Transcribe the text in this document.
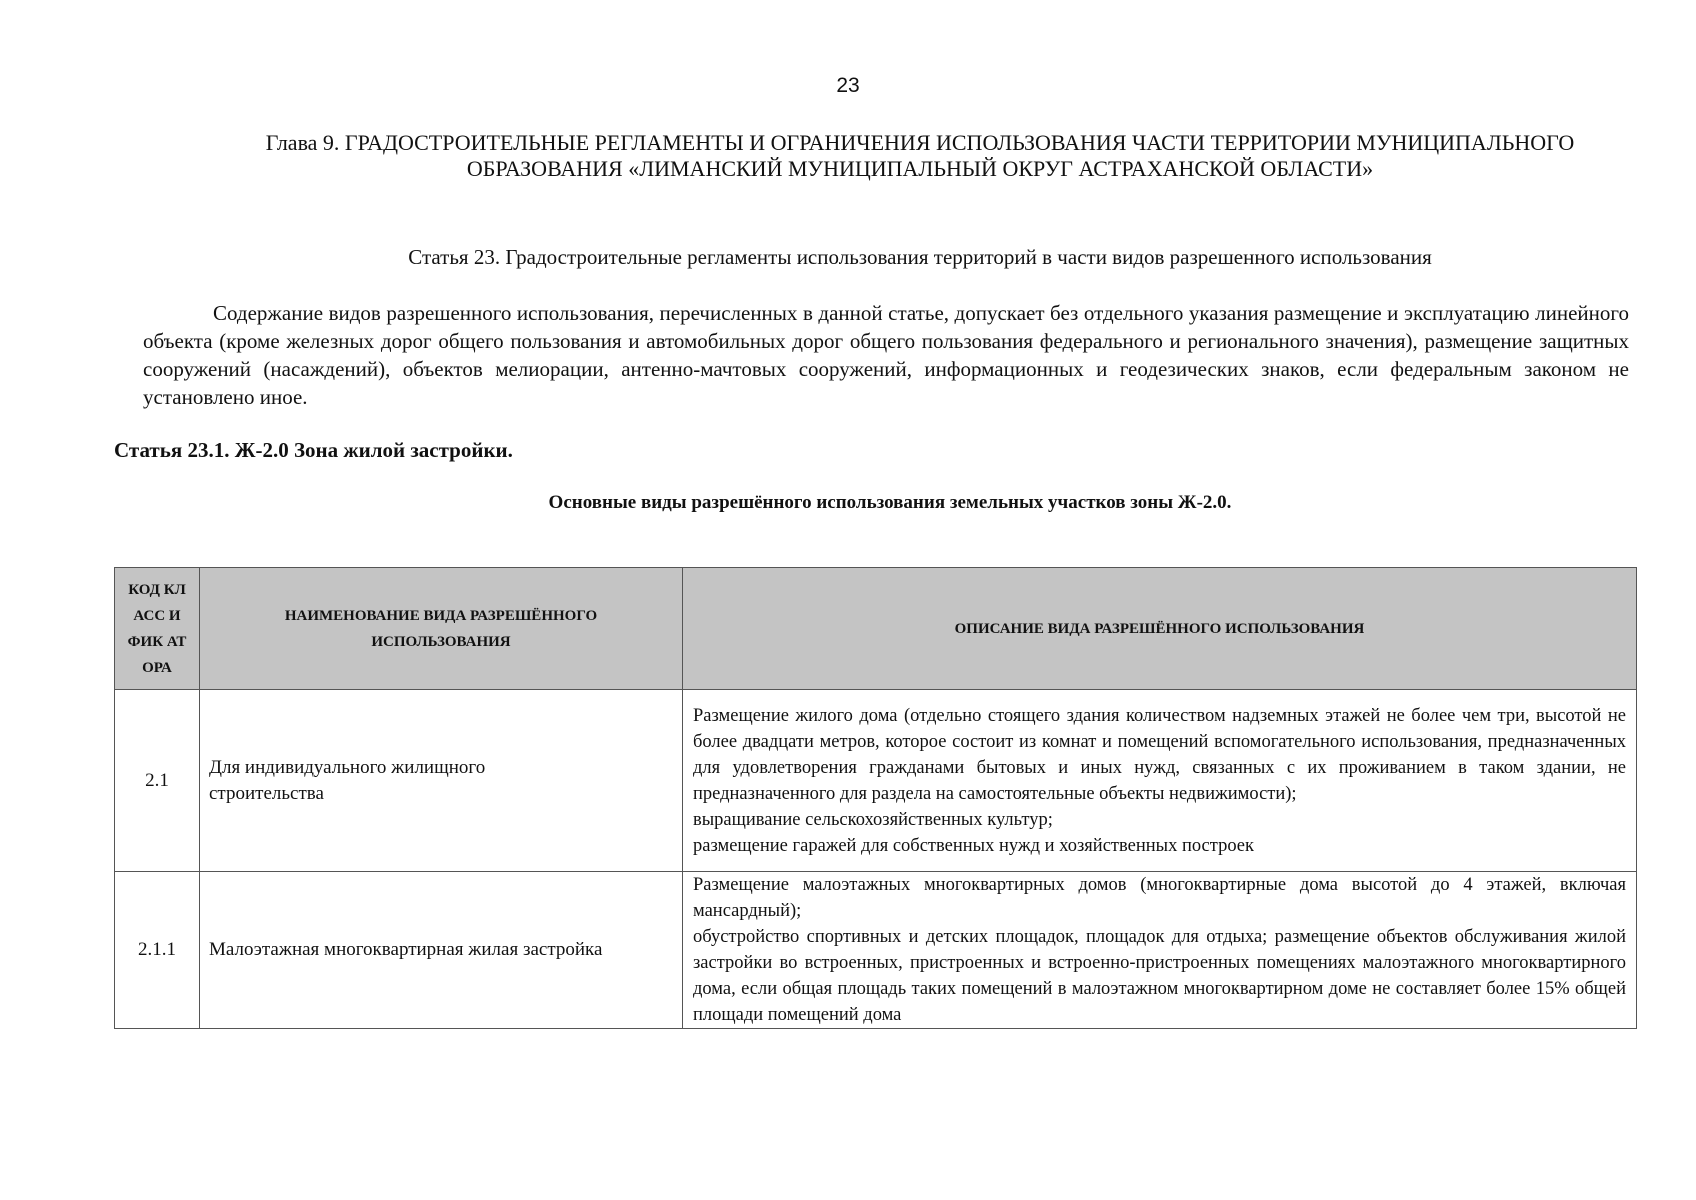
23
Глава 9. ГРАДОСТРОИТЕЛЬНЫЕ РЕГЛАМЕНТЫ И ОГРАНИЧЕНИЯ ИСПОЛЬЗОВАНИЯ ЧАСТИ ТЕРРИТОРИИ МУНИЦИПАЛЬНОГО
ОБРАЗОВАНИЯ «ЛИМАНСКИЙ МУНИЦИПАЛЬНЫЙ ОКРУГ АСТРАХАНСКОЙ ОБЛАСТИ»
Статья 23. Градостроительные регламенты использования территорий в части видов разрешенного использования

Содержание видов разрешенного использования, перечисленных в данной статье, допускает без отдельного указания размещение и эксплуатацию линейного объекта (кроме железных дорог общего пользования и автомобильных дорог общего пользования федерального и регионального значения), размещение защитных сооружений (насаждений), объектов мелиорации, антенно-мачтовых сооружений, информационных и геодезических знаков, если федеральным законом не установлено иное.

Статья 23.1. Ж-2.0 Зона жилой застройки.
Основные виды разрешённого использования земельных участков зоны Ж-2.0.
КОД КЛАСС ИФИК АТОРА	НАИМЕНОВАНИЕ ВИДА РАЗРЕШЁННОГО ИСПОЛЬЗОВАНИЯ	ОПИСАНИЕ ВИДА РАЗРЕШЁННОГО ИСПОЛЬЗОВАНИЯ
2.1	Для индивидуального жилищного строительства	Размещение жилого дома (отдельно стоящего здания количеством надземных этажей не более чем три, высотой не более двадцати метров, которое состоит из комнат и помещений вспомогательного использования, предназначенных для удовлетворения гражданами бытовых и иных нужд, связанных с их проживанием в таком здании, не предназначенного для раздела на самостоятельные объекты недвижимости);
выращивание сельскохозяйственных культур;
размещение гаражей для собственных нужд и хозяйственных построек

2.1.1	Малоэтажная многоквартирная жилая застройка	Размещение малоэтажных многоквартирных домов (многоквартирные дома высотой до 4 этажей, включая мансардный);
обустройство спортивных и детских площадок, площадок для отдыха; размещение объектов обслуживания жилой застройки во встроенных, пристроенных и встроенно-пристроенных помещениях малоэтажного многоквартирного дома, если общая площадь таких помещений в малоэтажном многоквартирном доме не составляет более 15% общей площади помещений дома
